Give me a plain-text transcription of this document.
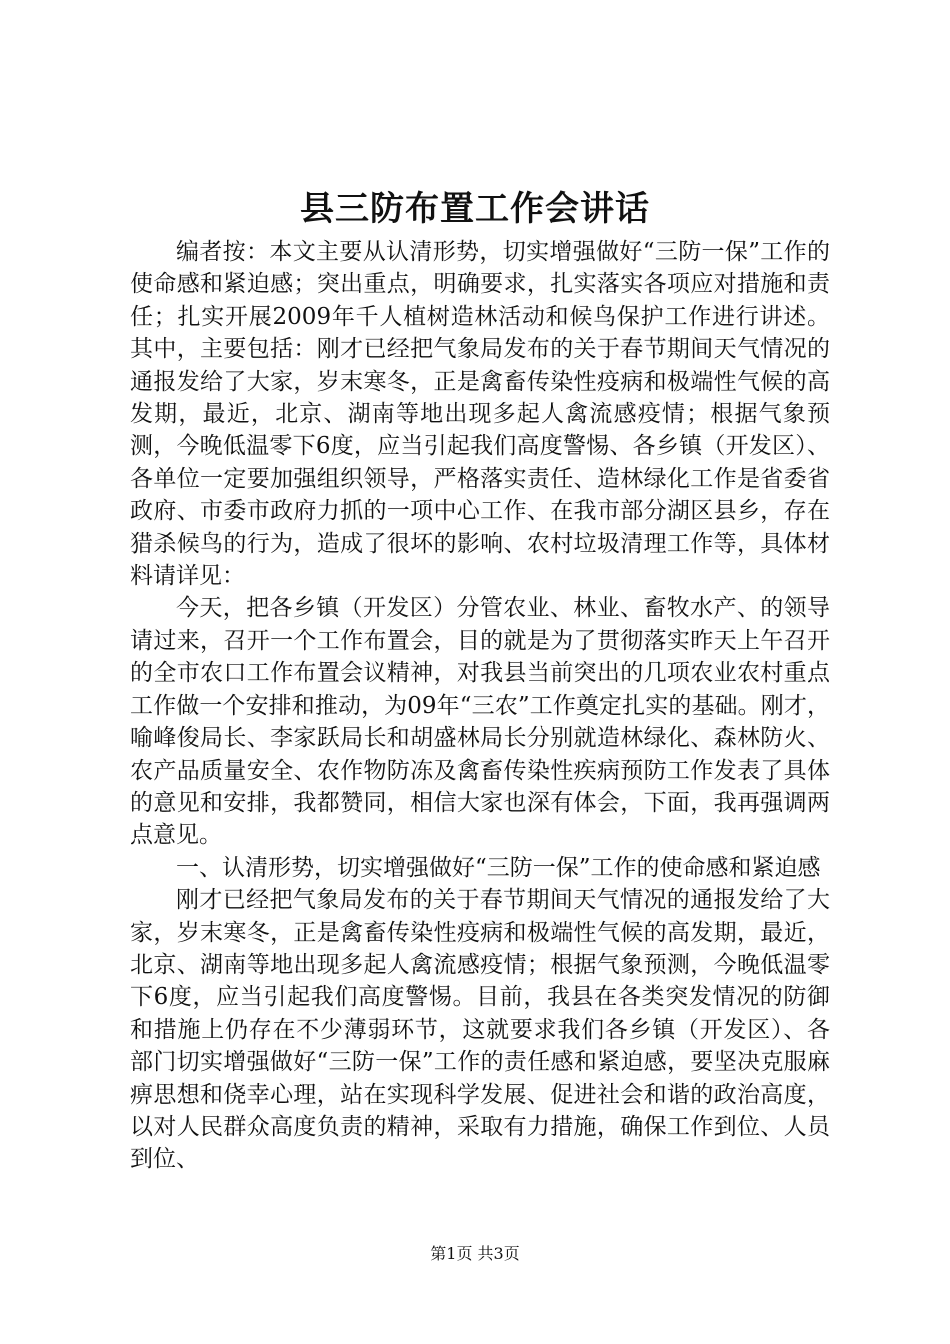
县三防布置工作会讲话

编者按：本文主要从认清形势，切实增强做好“三防一保”工作的使命感和紧迫感；突出重点，明确要求，扎实落实各项应对措施和责任；扎实开展2009年千人植树造林活动和候鸟保护工作进行讲述。其中，主要包括：刚才已经把气象局发布的关于春节期间天气情况的通报发给了大家，岁末寒冬，正是禽畜传染性疫病和极端性气候的高发期，最近，北京、湖南等地出现多起人禽流感疫情；根据气象预测，今晚低温零下6度，应当引起我们高度警惕、各乡镇（开发区）、各单位一定要加强组织领导，严格落实责任、造林绿化工作是省委省政府、市委市政府力抓的一项中心工作、在我市部分湖区县乡，存在猎杀候鸟的行为，造成了很坏的影响、农村垃圾清理工作等，具体材料请详见：

今天，把各乡镇（开发区）分管农业、林业、畜牧水产、的领导请过来，召开一个工作布置会，目的就是为了贯彻落实昨天上午召开的全市农口工作布置会议精神，对我县当前突出的几项农业农村重点工作做一个安排和推动，为09年“三农”工作奠定扎实的基础。刚才，喻峰俊局长、李家跃局长和胡盛林局长分别就造林绿化、森林防火、农产品质量安全、农作物防冻及禽畜传染性疾病预防工作发表了具体的意见和安排，我都赞同，相信大家也深有体会，下面，我再强调两点意见。

一、认清形势，切实增强做好“三防一保”工作的使命感和紧迫感

刚才已经把气象局发布的关于春节期间天气情况的通报发给了大家，岁末寒冬，正是禽畜传染性疫病和极端性气候的高发期，最近，北京、湖南等地出现多起人禽流感疫情；根据气象预测，今晚低温零下6度，应当引起我们高度警惕。目前，我县在各类突发情况的防御和措施上仍存在不少薄弱环节，这就要求我们各乡镇（开发区）、各部门切实增强做好“三防一保”工作的责任感和紧迫感，要坚决克服麻痹思想和侥幸心理，站在实现科学发展、促进社会和谐的政治高度，以对人民群众高度负责的精神，采取有力措施，确保工作到位、人员到位、

第1页 共3页
